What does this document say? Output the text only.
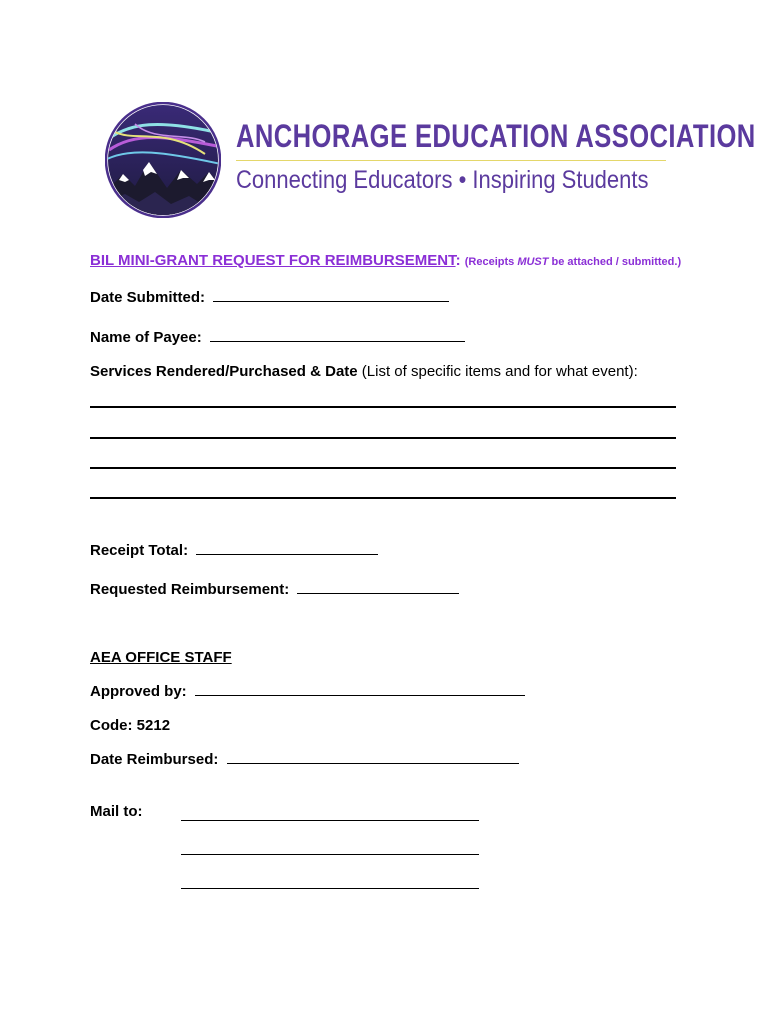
ANCHORAGE EDUCATION ASSOCIATION
Connecting Educators • Inspiring Students
BIL MINI-GRANT REQUEST FOR REIMBURSEMENT: (Receipts MUST be attached / submitted.)
Date Submitted:
Name of Payee:
Services Rendered/Purchased & Date (List of specific items and for what event):
Receipt Total:
Requested Reimbursement:
AEA OFFICE STAFF
Approved by:
Code: 5212
Date Reimbursed:
Mail to:
